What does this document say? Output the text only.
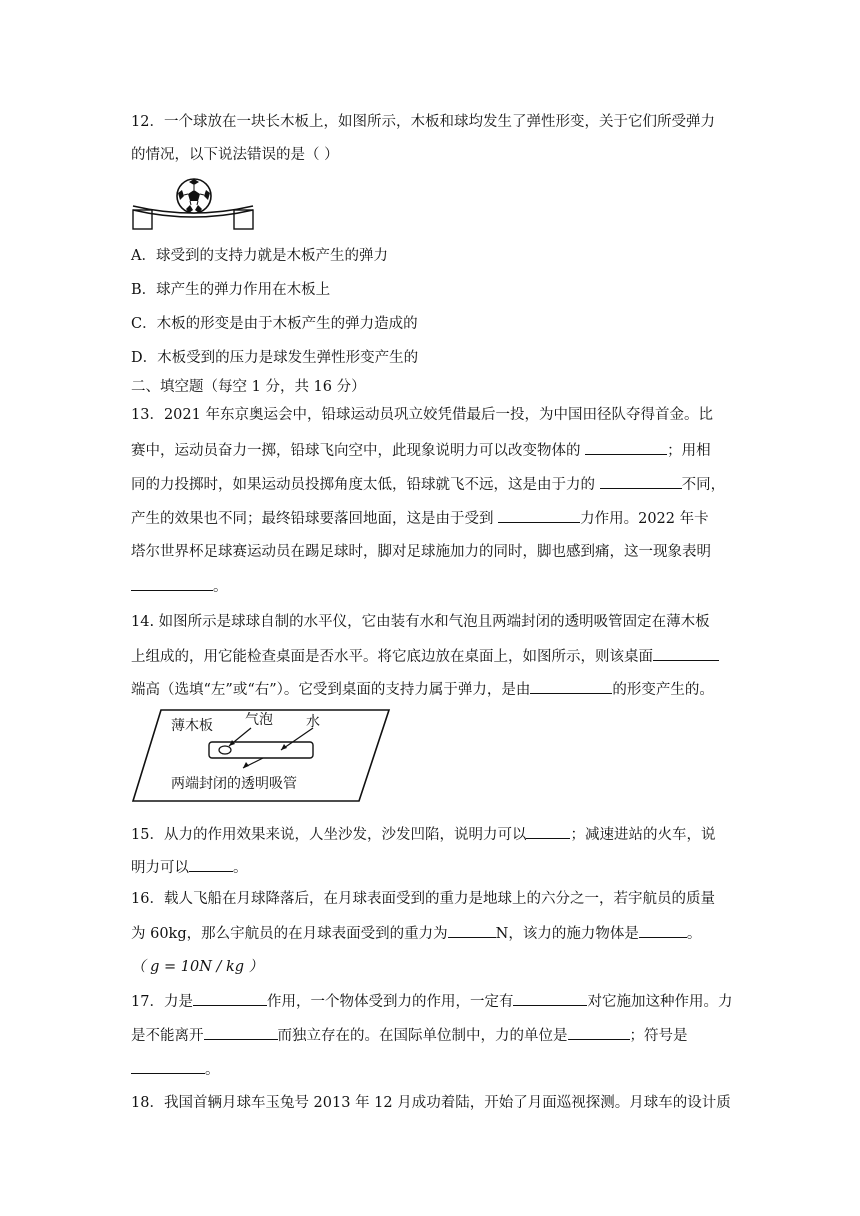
12．一个球放在一块长木板上，如图所示，木板和球均发生了弹性形变，关于它们所受弹力
的情况，以下说法错误的是（ ）
A．球受到的支持力就是木板产生的弹力
B．球产生的弹力作用在木板上
C．木板的形变是由于木板产生的弹力造成的
D．木板受到的压力是球发生弹性形变产生的
二、填空题（每空 1 分，共 16 分）
13．2021 年东京奥运会中，铅球运动员巩立姣凭借最后一投，为中国田径队夺得首金。比
赛中，运动员奋力一掷，铅球飞向空中，此现象说明力可以改变物体的	；用相
同的力投掷时，如果运动员投掷角度太低，铅球就飞不远，这是由于力的	不同，
产生的效果也不同；最终铅球要落回地面，这是由于受到	力作用。2022 年卡
塔尔世界杯足球赛运动员在踢足球时，脚对足球施加力的同时，脚也感到痛，这一现象表明
。
14. 如图所示是球球自制的水平仪，它由装有水和气泡且两端封闭的透明吸管固定在薄木板
上组成的，用它能检查桌面是否水平。将它底边放在桌面上，如图所示，则该桌面
端高（选填“左”或“右”）。它受到桌面的支持力属于弹力，是由	的形变产生的。
薄木板 气泡 水
两端封闭的透明吸管
15．从力的作用效果来说，人坐沙发，沙发凹陷，说明力可以	；减速进站的火车，说
明力可以	。
16．载人飞船在月球降落后，在月球表面受到的重力是地球上的六分之一，若宇航员的质量
为 60kg，那么宇航员的在月球表面受到的重力为	N，该力的施力物体是	。
（ g = 10N / kg ）
17．力是	作用，一个物体受到力的作用，一定有	对它施加这种作用。力
是不能离开	而独立存在的。在国际单位制中，力的单位是	；符号是
。
18．我国首辆月球车玉兔号 2013 年 12 月成功着陆，开始了月面巡视探测。月球车的设计质
